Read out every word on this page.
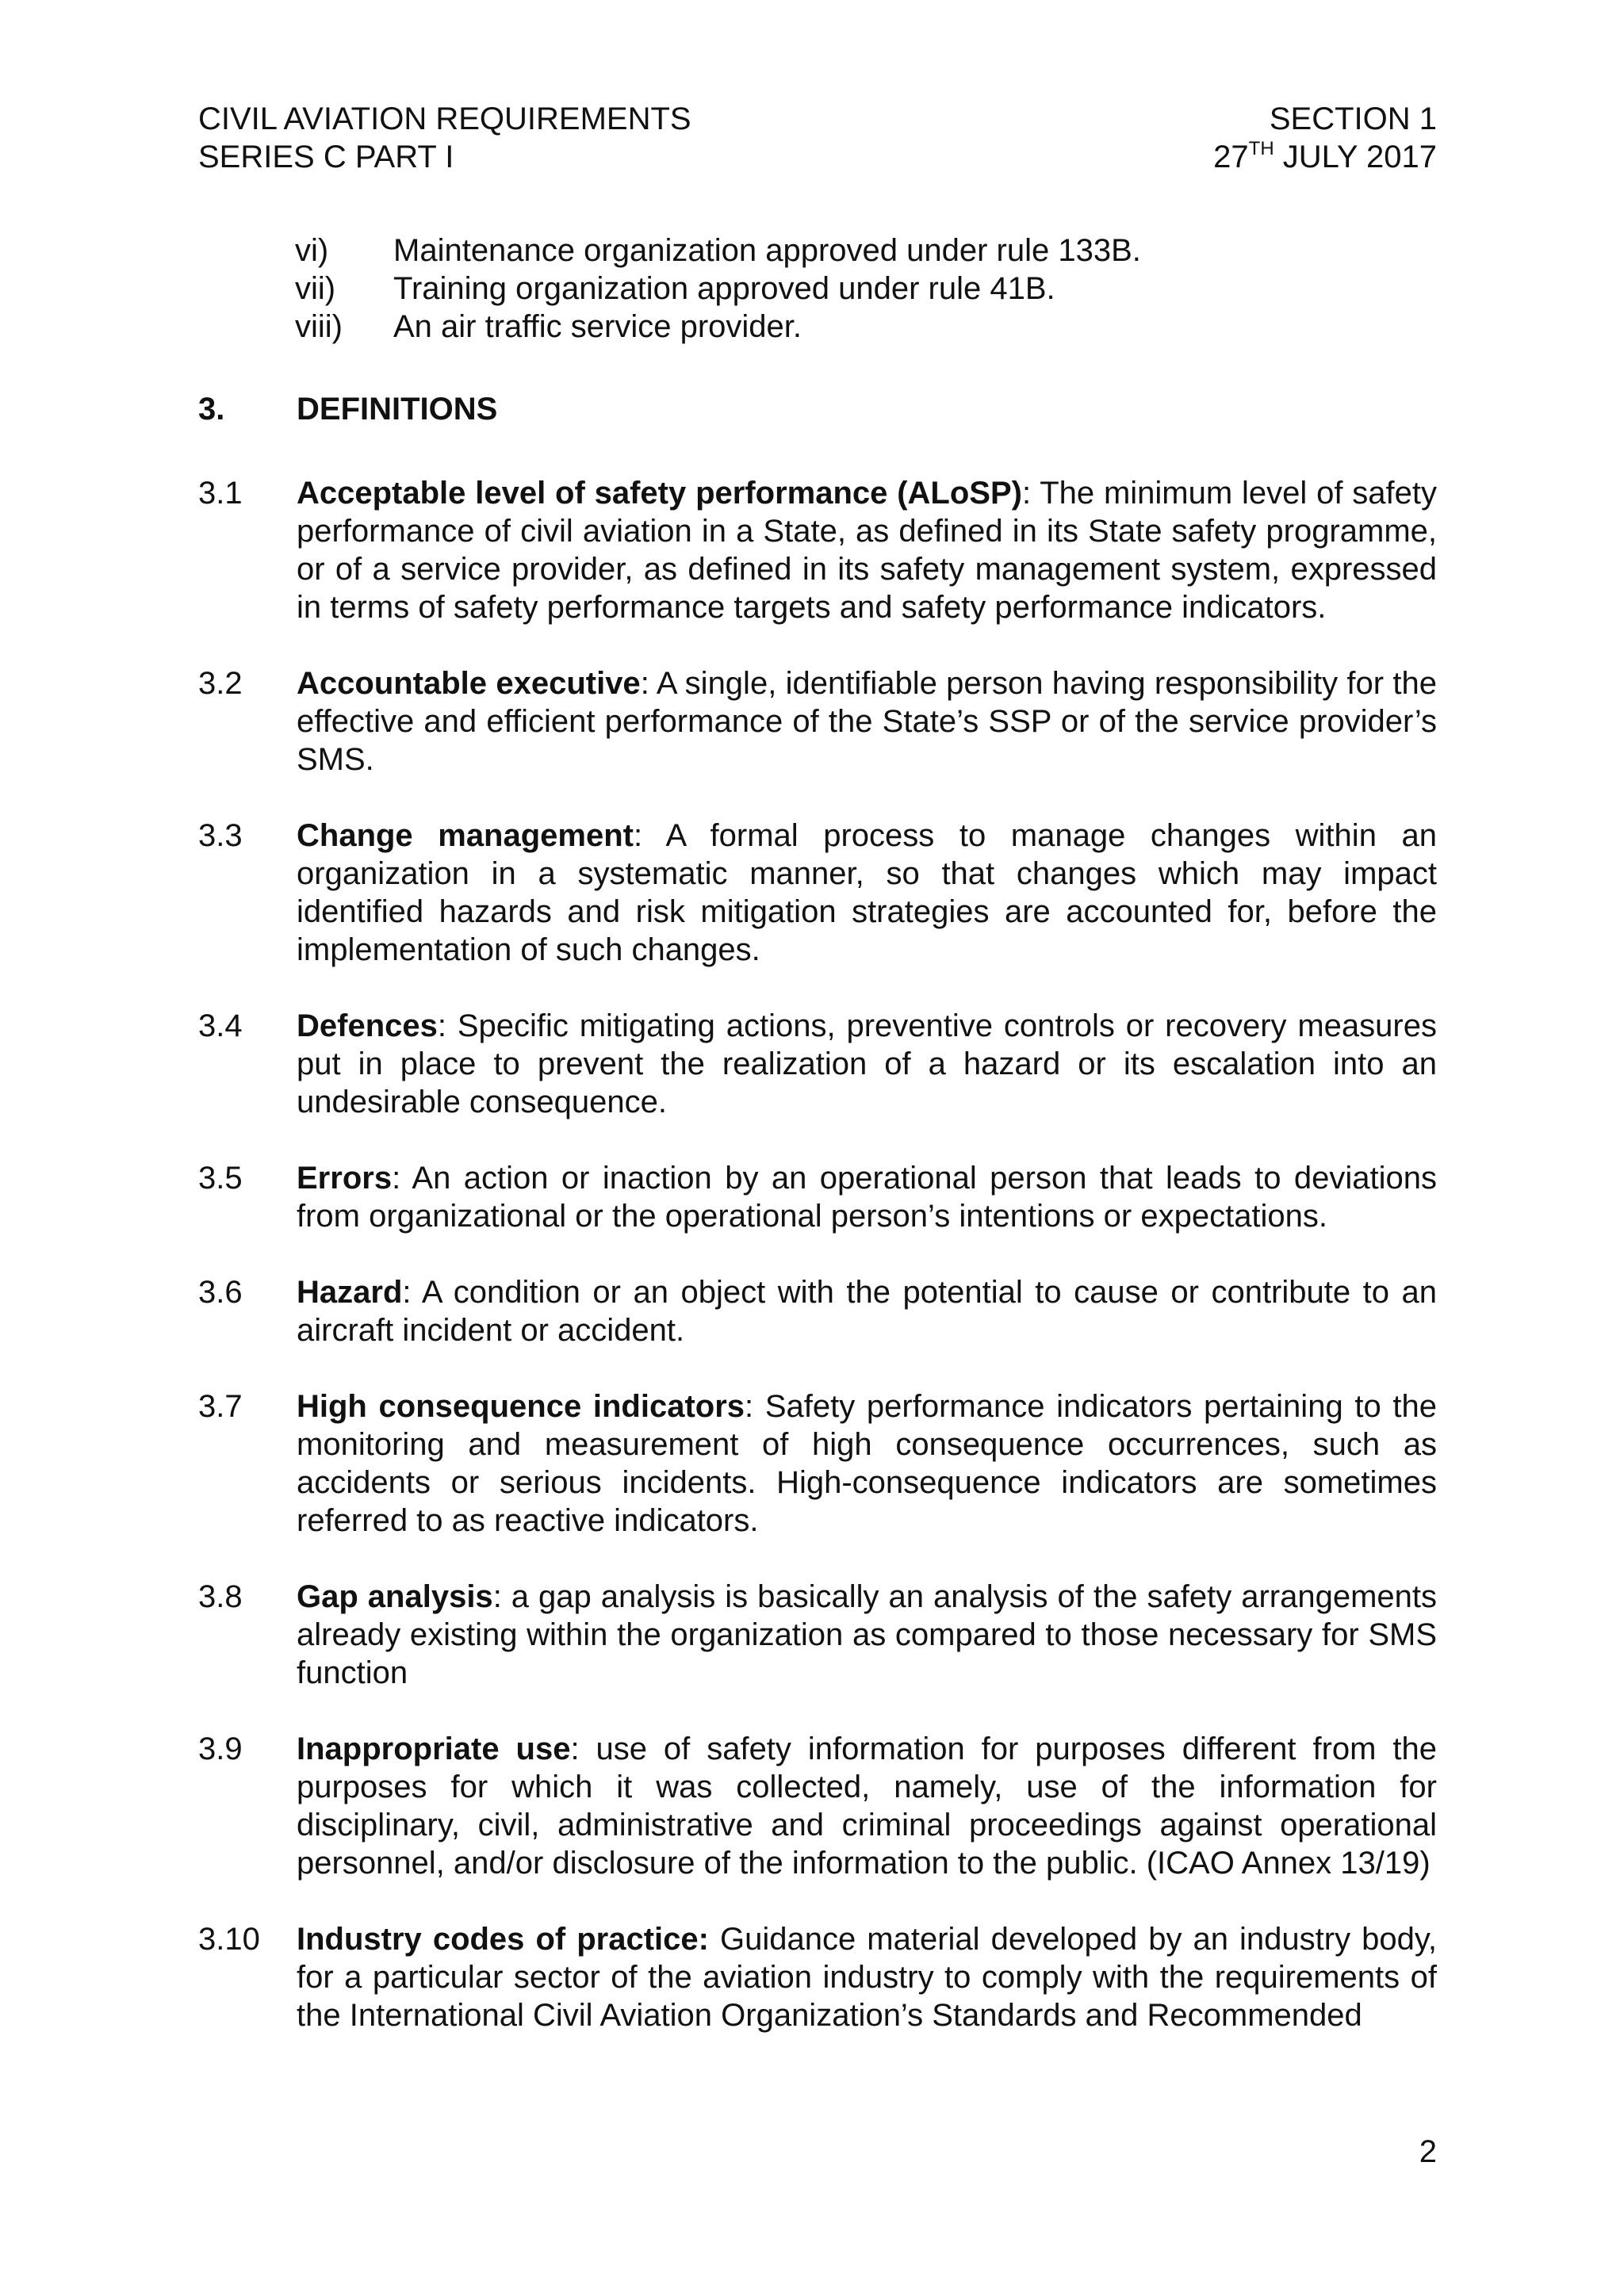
CIVIL AVIATION REQUIREMENTS
SERIES C PART I
SECTION 1
27TH JULY 2017
vi)	Maintenance organization approved under rule 133B.
vii)	Training organization approved under rule 41B.
viii)	An air traffic service provider.
3.	DEFINITIONS
3.1	Acceptable level of safety performance (ALoSP): The minimum level of safety performance of civil aviation in a State, as defined in its State safety programme, or of a service provider, as defined in its safety management system, expressed in terms of safety performance targets and safety performance indicators.
3.2	Accountable executive: A single, identifiable person having responsibility for the effective and efficient performance of the State’s SSP or of the service provider’s SMS.
3.3	Change management: A formal process to manage changes within an organization in a systematic manner, so that changes which may impact identified hazards and risk mitigation strategies are accounted for, before the implementation of such changes.
3.4	Defences: Specific mitigating actions, preventive controls or recovery measures put in place to prevent the realization of a hazard or its escalation into an undesirable consequence.
3.5	Errors: An action or inaction by an operational person that leads to deviations from organizational or the operational person’s intentions or expectations.
3.6	Hazard: A condition or an object with the potential to cause or contribute to an aircraft incident or accident.
3.7	High consequence indicators: Safety performance indicators pertaining to the monitoring and measurement of high consequence occurrences, such as accidents or serious incidents. High-consequence indicators are sometimes referred to as reactive indicators.
3.8	Gap analysis: a gap analysis is basically an analysis of the safety arrangements already existing within the organization as compared to those necessary for SMS function
3.9	Inappropriate use: use of safety information for purposes different from the purposes for which it was collected, namely, use of the information for disciplinary, civil, administrative and criminal proceedings against operational personnel, and/or disclosure of the information to the public. (ICAO Annex 13/19)
3.10	Industry codes of practice: Guidance material developed by an industry body, for a particular sector of the aviation industry to comply with the requirements of the International Civil Aviation Organization’s Standards and Recommended
2
